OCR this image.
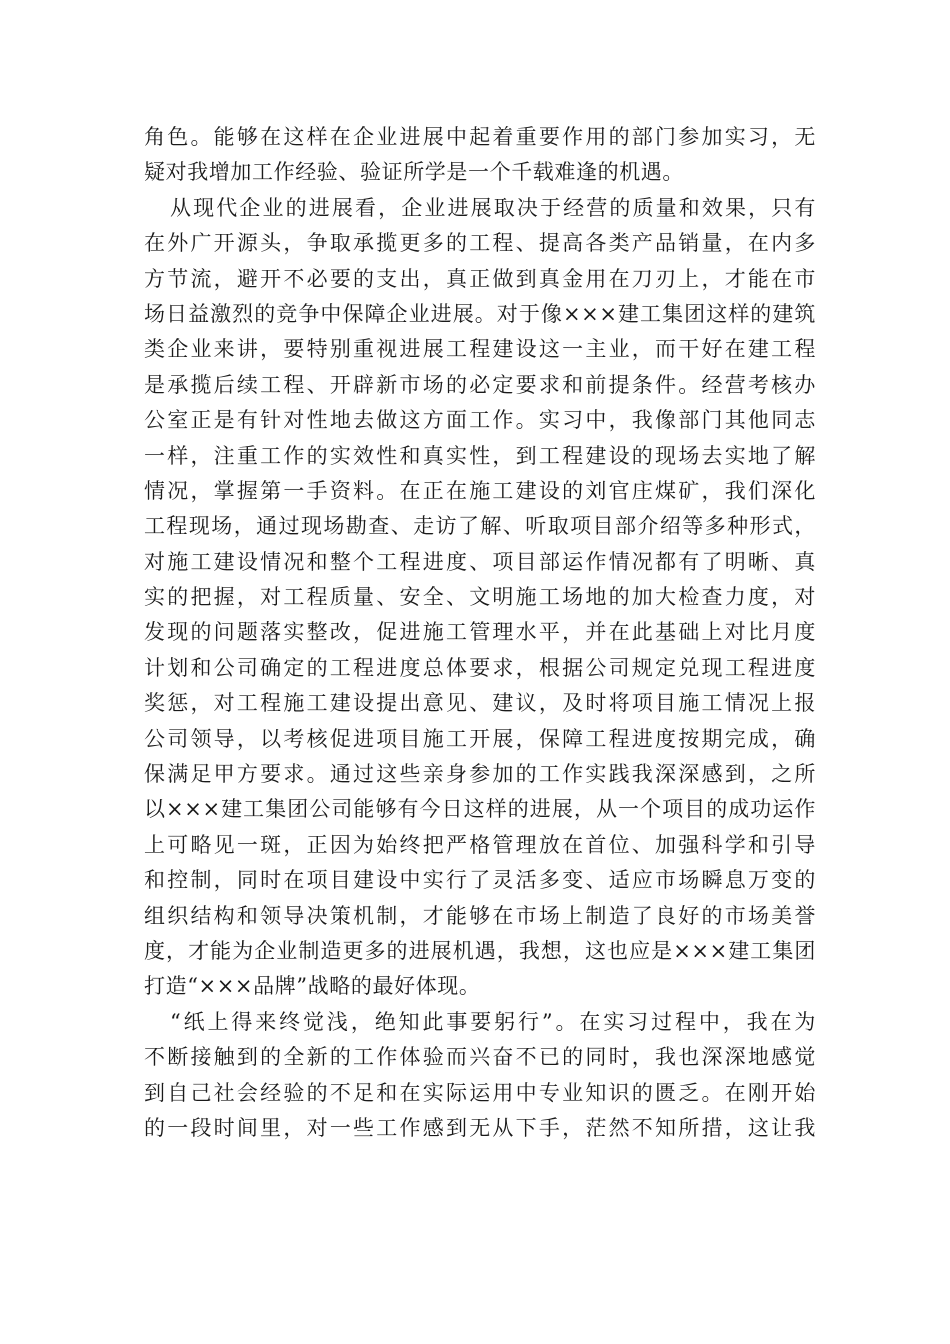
角色。能够在这样在企业进展中起着重要作用的部门参加实习，无
疑对我增加工作经验、验证所学是一个千载难逢的机遇。
从现代企业的进展看，企业进展取决于经营的质量和效果，只有
在外广开源头，争取承揽更多的工程、提高各类产品销量，在内多
方节流，避开不必要的支出，真正做到真金用在刀刃上，才能在市
场日益激烈的竞争中保障企业进展。对于像×××建工集团这样的建筑
类企业来讲，要特别重视进展工程建设这一主业，而干好在建工程
是承揽后续工程、开辟新市场的必定要求和前提条件。经营考核办
公室正是有针对性地去做这方面工作。实习中，我像部门其他同志
一样，注重工作的实效性和真实性，到工程建设的现场去实地了解
情况，掌握第一手资料。在正在施工建设的刘官庄煤矿，我们深化
工程现场，通过现场勘查、走访了解、听取项目部介绍等多种形式，
对施工建设情况和整个工程进度、项目部运作情况都有了明晰、真
实的把握，对工程质量、安全、文明施工场地的加大检查力度，对
发现的问题落实整改，促进施工管理水平，并在此基础上对比月度
计划和公司确定的工程进度总体要求，根据公司规定兑现工程进度
奖惩，对工程施工建设提出意见、建议，及时将项目施工情况上报
公司领导，以考核促进项目施工开展，保障工程进度按期完成，确
保满足甲方要求。通过这些亲身参加的工作实践我深深感到，之所
以×××建工集团公司能够有今日这样的进展，从一个项目的成功运作
上可略见一斑，正因为始终把严格管理放在首位、加强科学和引导
和控制，同时在项目建设中实行了灵活多变、适应市场瞬息万变的
组织结构和领导决策机制，才能够在市场上制造了良好的市场美誉
度，才能为企业制造更多的进展机遇，我想，这也应是×××建工集团
打造“×××品牌”战略的最好体现。
“纸上得来终觉浅，绝知此事要躬行”。在实习过程中，我在为
不断接触到的全新的工作体验而兴奋不已的同时，我也深深地感觉
到自己社会经验的不足和在实际运用中专业知识的匮乏。在刚开始
的一段时间里，对一些工作感到无从下手，茫然不知所措，这让我
